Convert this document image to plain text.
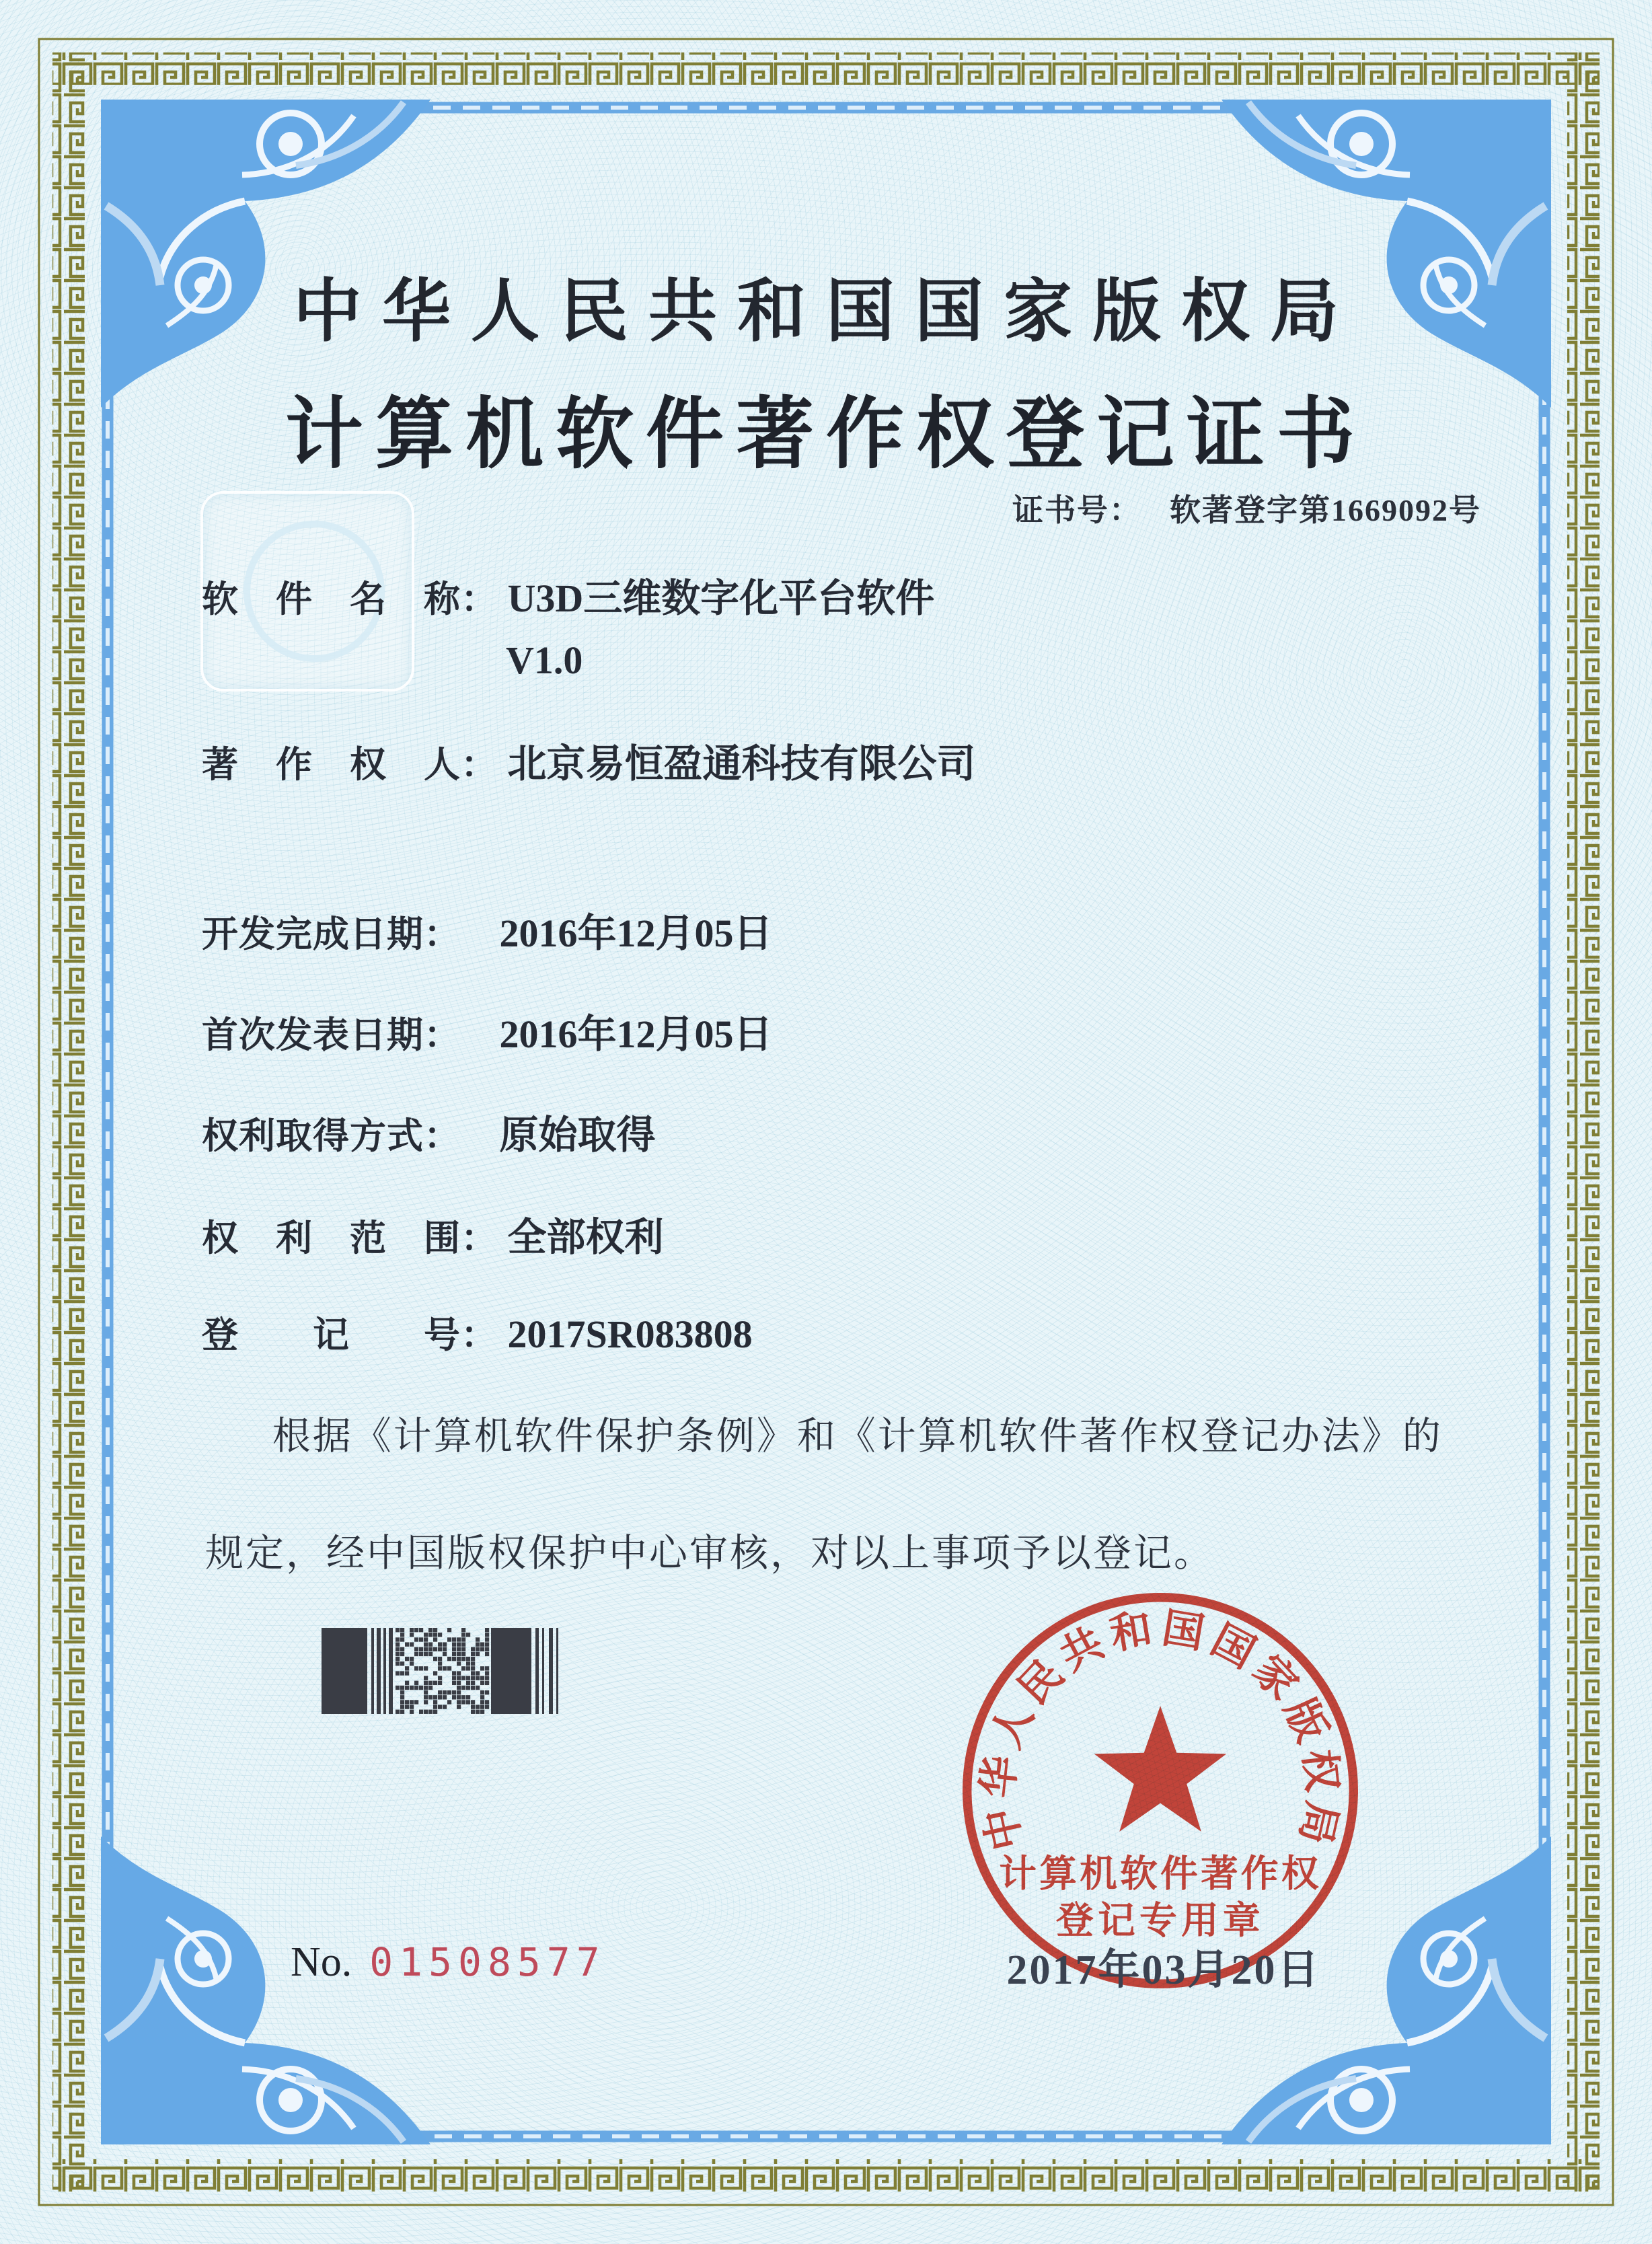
中华人民共和国国家版权局
计算机软件著作权登记证书
证书号： 软著登字第1669092号
软　件　名　称： U3D三维数字化平台软件
V1.0
著　作　权　人： 北京易恒盈通科技有限公司
开发完成日期： 2016年12月05日
首次发表日期： 2016年12月05日
权利取得方式： 原始取得
权　利　范　围： 全部权利
登　　记　　号： 2017SR083808
根据《计算机软件保护条例》和《计算机软件著作权登记办法》的
规定，经中国版权保护中心审核，对以上事项予以登记。
中华人民共和国国家版权局
计算机软件著作权
登记专用章
2017年03月20日
No. 01508577
